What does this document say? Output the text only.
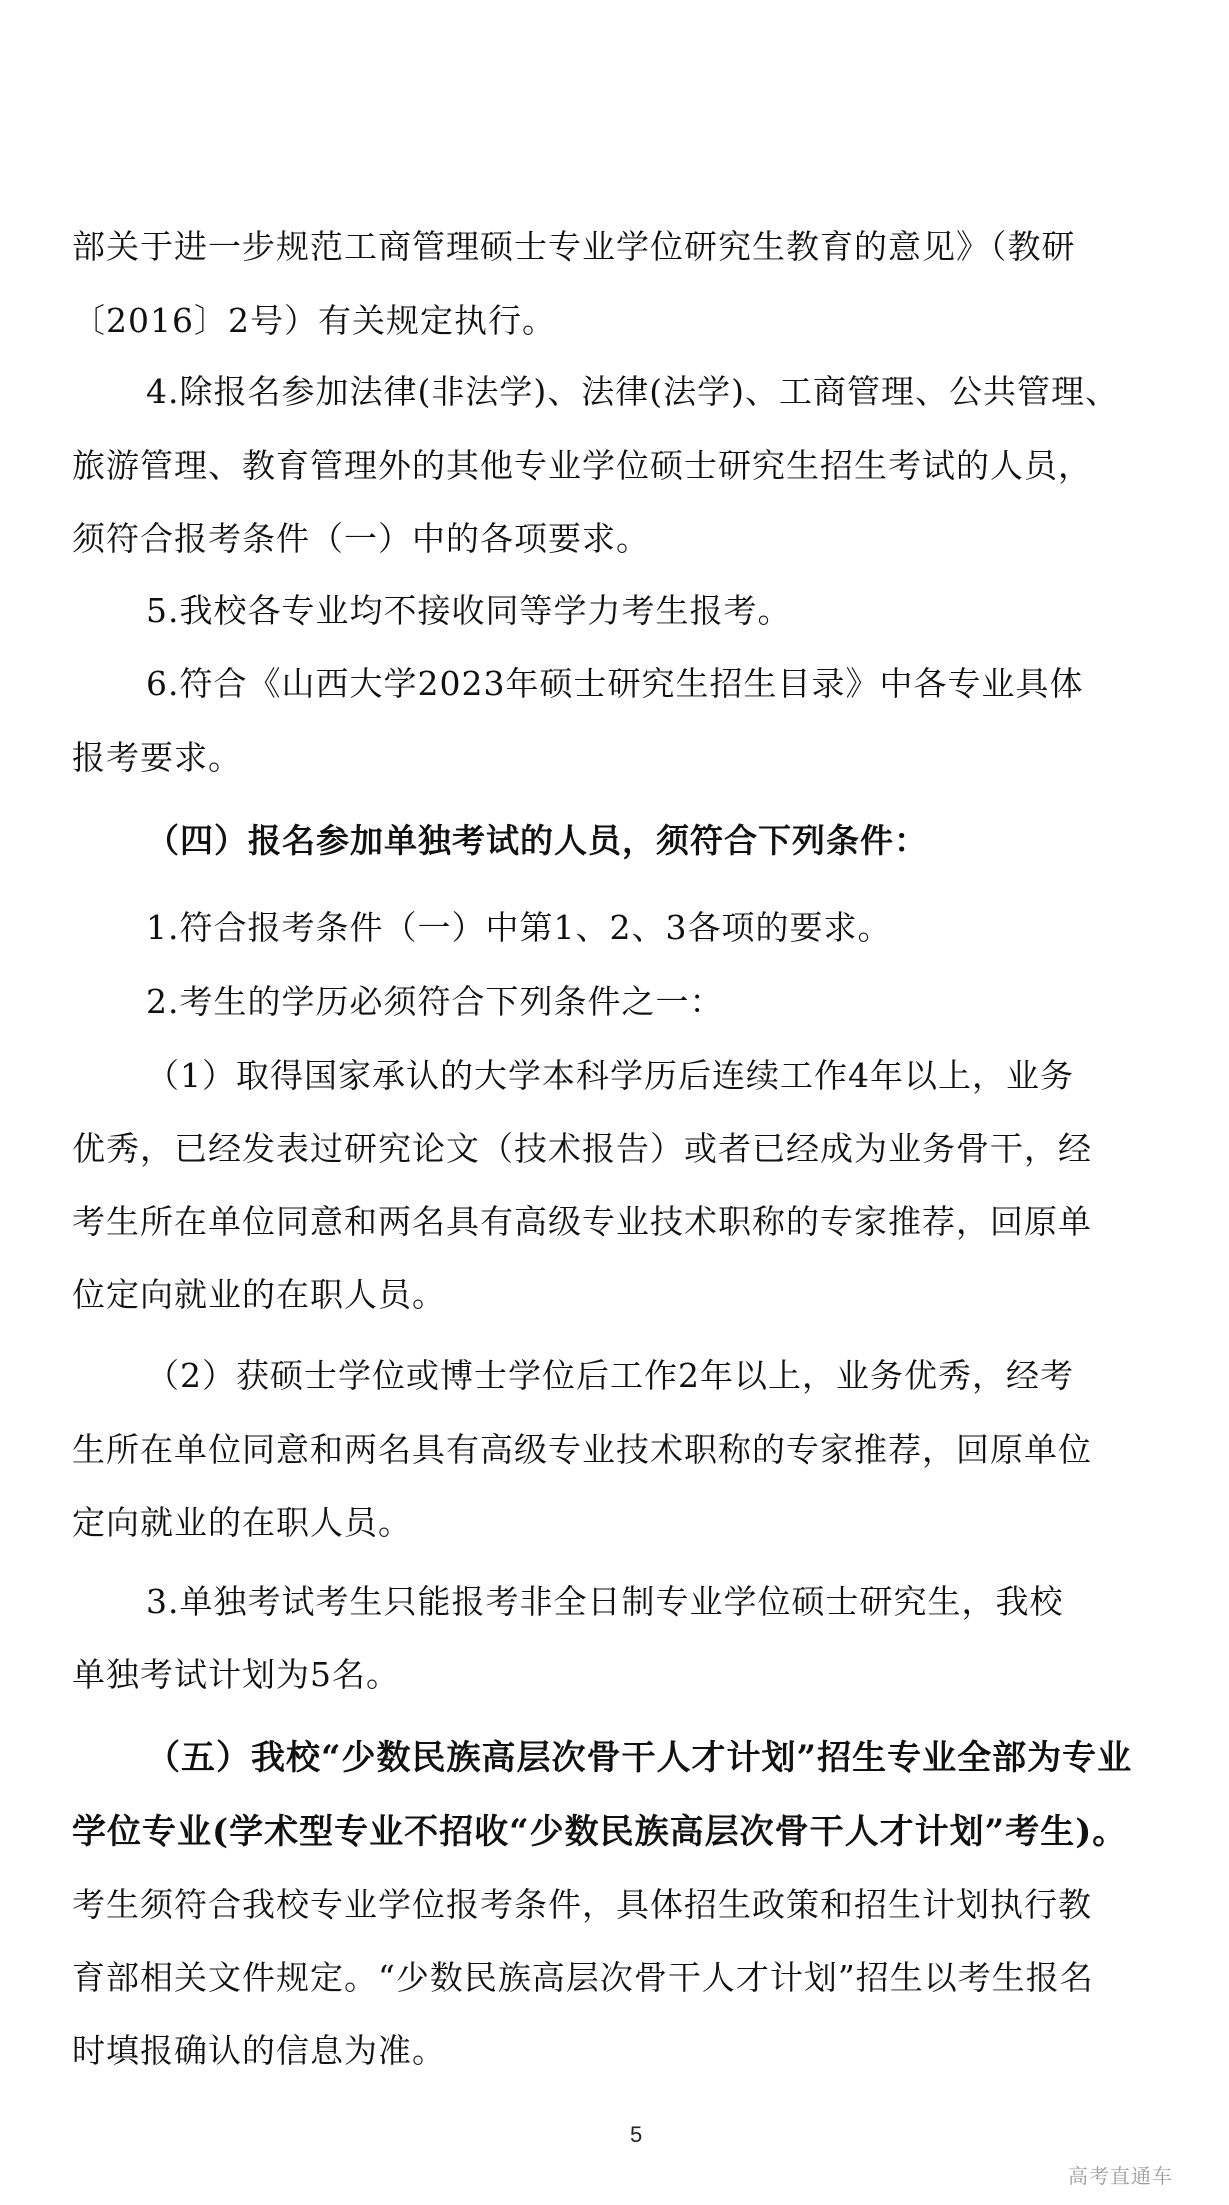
部关于进一步规范工商管理硕士专业学位研究生教育的意见》（教研
〔2016〕2号）有关规定执行。
4.除报名参加法律(非法学)、法律(法学)、工商管理、公共管理、
旅游管理、教育管理外的其他专业学位硕士研究生招生考试的人员，
须符合报考条件（一）中的各项要求。
5.我校各专业均不接收同等学力考生报考。
6.符合《山西大学2023年硕士研究生招生目录》中各专业具体
报考要求。
（四）报名参加单独考试的人员，须符合下列条件：
1.符合报考条件（一）中第1、2、3各项的要求。
2.考生的学历必须符合下列条件之一：
（1）取得国家承认的大学本科学历后连续工作4年以上，业务
优秀，已经发表过研究论文（技术报告）或者已经成为业务骨干，经
考生所在单位同意和两名具有高级专业技术职称的专家推荐，回原单
位定向就业的在职人员。
（2）获硕士学位或博士学位后工作2年以上，业务优秀，经考
生所在单位同意和两名具有高级专业技术职称的专家推荐，回原单位
定向就业的在职人员。
3.单独考试考生只能报考非全日制专业学位硕士研究生，我校
单独考试计划为5名。
（五）我校“少数民族高层次骨干人才计划”招生专业全部为专业
学位专业(学术型专业不招收“少数民族高层次骨干人才计划”考生)。
考生须符合我校专业学位报考条件，具体招生政策和招生计划执行教
育部相关文件规定。“少数民族高层次骨干人才计划”招生以考生报名
时填报确认的信息为准。
5
高考直通车
